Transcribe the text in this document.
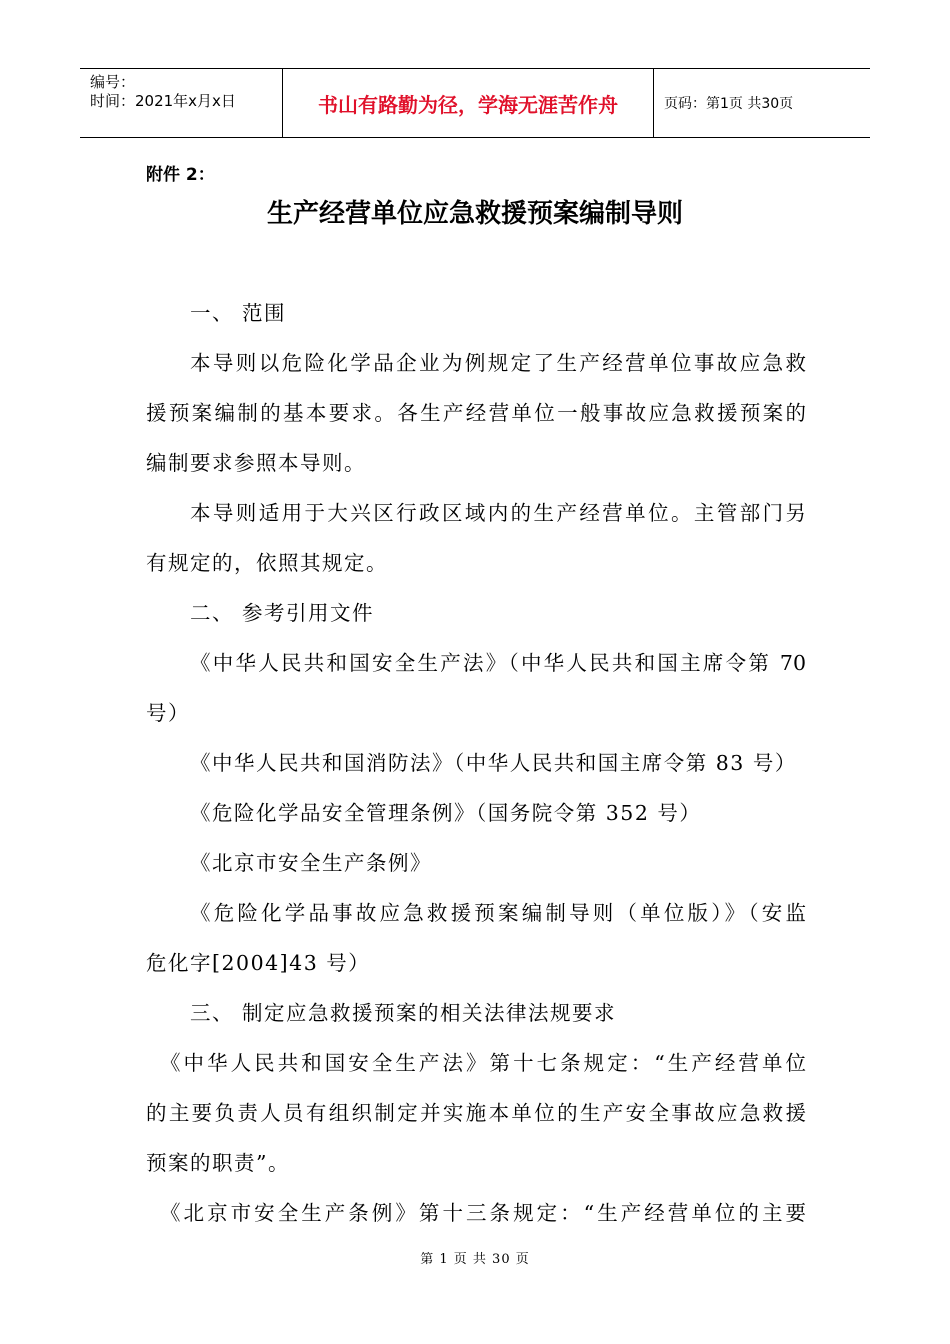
编号：
时间：2021年x月x日	书山有路勤为径，学海无涯苦作舟	页码：第1页 共30页
附件 2：
生产经营单位应急救援预案编制导则
一、 范围
本导则以危险化学品企业为例规定了生产经营单位事故应急救
援预案编制的基本要求。各生产经营单位一般事故应急救援预案的
编制要求参照本导则。
本导则适用于大兴区行政区域内的生产经营单位。主管部门另
有规定的，依照其规定。
二、 参考引用文件
《中华人民共和国安全生产法》（中华人民共和国主席令第 70
号）
《中华人民共和国消防法》（中华人民共和国主席令第 83 号）
《危险化学品安全管理条例》（国务院令第 352 号）
《北京市安全生产条例》
《危险化学品事故应急救援预案编制导则（单位版）》（安监
危化字[2004]43 号）
三、 制定应急救援预案的相关法律法规要求
《中华人民共和国安全生产法》第十七条规定：“生产经营单位
的主要负责人员有组织制定并实施本单位的生产安全事故应急救援
预案的职责”。
《北京市安全生产条例》第十三条规定：“生产经营单位的主要
第 1 页 共 30 页
